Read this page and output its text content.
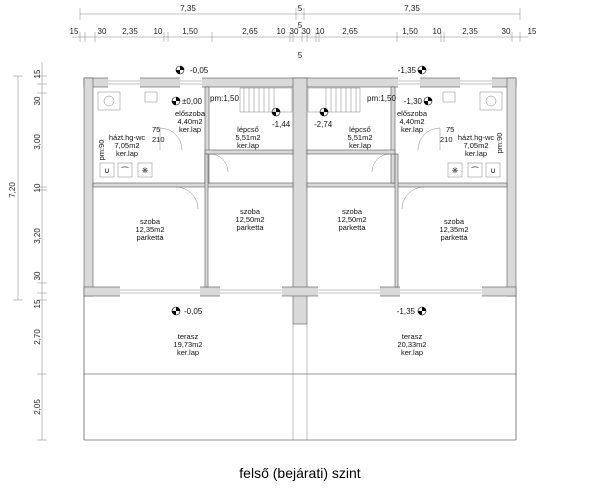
7,35	5	7,35
15 30 2,35 10 1,50	2,65 10 30
5
30 10 2,65	1,50 10	2,35	30 15
5
7,20
15
30
3,00
10
3,20
30
15
2,70
2,05
∪ ⌒ ✳	✳ ⌒ ∪
-0,05	-1,35
±0,00	-1,30
pm:1,50	pm:1,50
-1,44	-2,74
-0,05	-1,35
előszoba
4,40m2
ker.lap
előszoba
4,40m2
ker.lap
lépcső
5,51m2
ker.lap
lépcső
5,51m2
ker.lap
házt.hg-wc
7,05m2
ker.lap
házt.hg-wc
7,05m2
ker.lap
szoba
12,35m2
parketta
szoba
12,50m2
parketta
szoba
12,50m2
parketta
szoba
12,35m2
parketta
terasz
19,73m2
ker.lap
terasz
20,33m2
ker.lap
75
210
75
210
pm:90	pm:90
felső (bejárati) szint
